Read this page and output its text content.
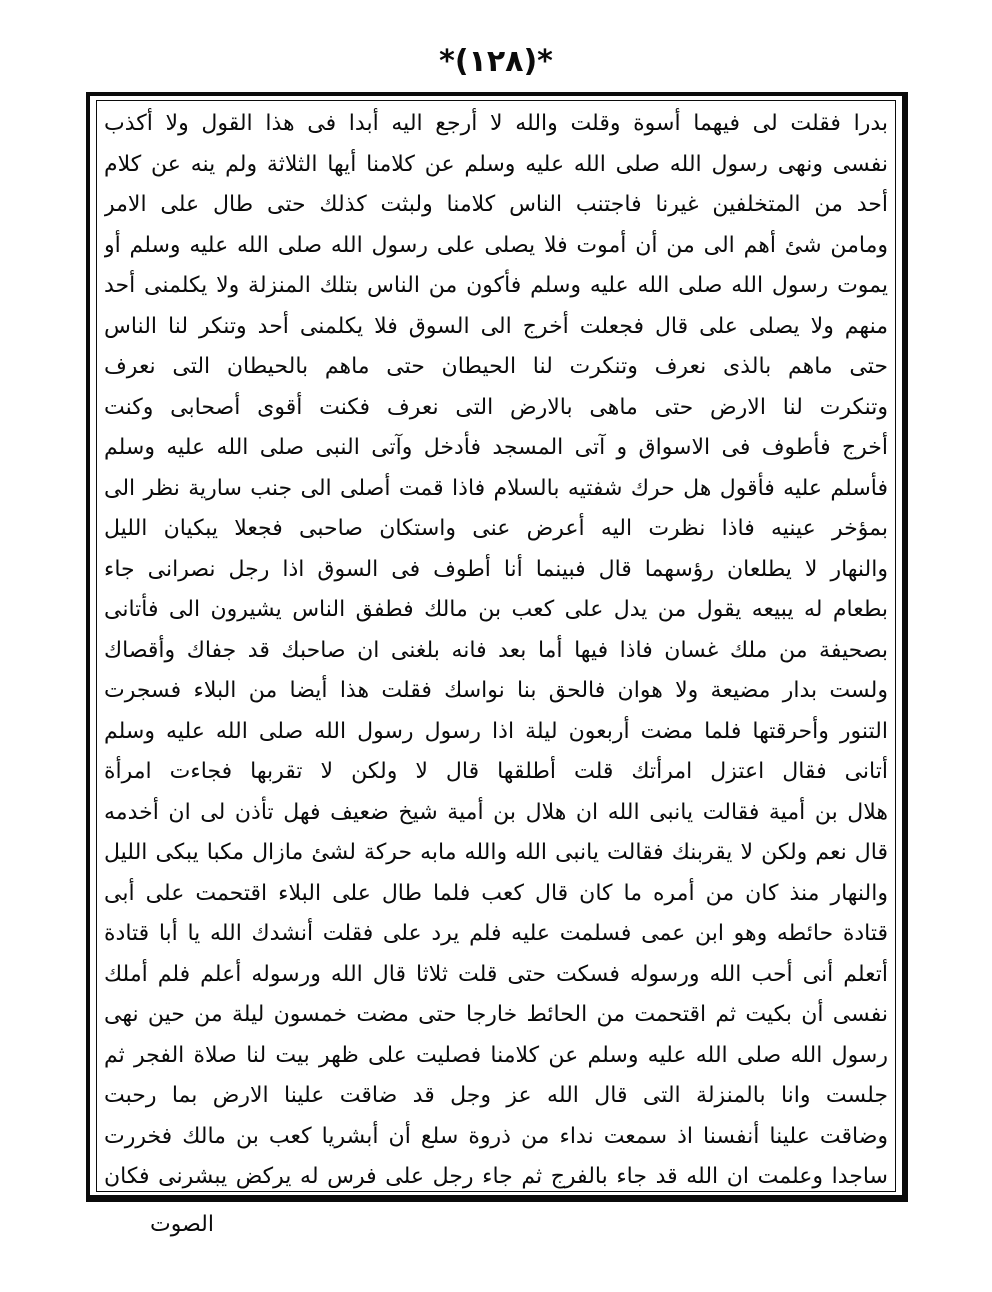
*(١٢٨)*
بدرا فقلت لى فيهما أسوة وقلت والله لا أرجع اليه أبدا فى هذا القول ولا أكذب
نفسى ونهى رسول الله صلى الله عليه وسلم عن كلامنا أيها الثلاثة ولم ينه عن كلام
أحد من المتخلفين غيرنا فاجتنب الناس كلامنا ولبثت كذلك حتى طال على الامر
ومامن شئ أهم الى من أن أموت فلا يصلى على رسول الله صلى الله عليه وسلم أو
يموت رسول الله صلى الله عليه وسلم فأكون من الناس بتلك المنزلة ولا يكلمنى أحد
منهم ولا يصلى على قال فجعلت أخرج الى السوق فلا يكلمنى أحد وتنكر لنا الناس
حتى ماهم بالذى نعرف وتنكرت لنا الحيطان حتى ماهم بالحيطان التى نعرف
وتنكرت لنا الارض حتى ماهى بالارض التى نعرف فكنت أقوى أصحابى وكنت
أخرج فأطوف فى الاسواق و آتى المسجد فأدخل وآتى النبى صلى الله عليه وسلم
فأسلم عليه فأقول هل حرك شفتيه بالسلام فاذا قمت أصلى الى جنب سارية نظر الى
بمؤخر عينيه فاذا نظرت اليه أعرض عنى واستكان صاحبى فجعلا يبكيان الليل
والنهار لا يطلعان رؤسهما قال فبينما أنا أطوف فى السوق اذا رجل نصرانى جاء
بطعام له يبيعه يقول من يدل على كعب بن مالك فطفق الناس يشيرون الى فأتانى
بصحيفة من ملك غسان فاذا فيها أما بعد فانه بلغنى ان صاحبك قد جفاك وأقصاك
ولست بدار مضيعة ولا هوان فالحق بنا نواسك فقلت هذا أيضا من البلاء فسجرت
التنور وأحرقتها فلما مضت أربعون ليلة اذا رسول رسول الله صلى الله عليه وسلم
أتانى فقال اعتزل امرأتك قلت أطلقها قال لا ولكن لا تقربها فجاءت امرأة
هلال بن أمية فقالت يانبى الله ان هلال بن أمية شيخ ضعيف فهل تأذن لى ان أخدمه
قال نعم ولكن لا يقربنك فقالت يانبى الله والله مابه حركة لشئ مازال مكبا يبكى الليل
والنهار منذ كان من أمره ما كان قال كعب فلما طال على البلاء اقتحمت على أبى
قتادة حائطه وهو ابن عمى فسلمت عليه فلم يرد على فقلت أنشدك الله يا أبا قتادة
أتعلم أنى أحب الله ورسوله فسكت حتى قلت ثلاثا قال الله ورسوله أعلم فلم أملك
نفسى أن بكيت ثم اقتحمت من الحائط خارجا حتى مضت خمسون ليلة من حين نهى
رسول الله صلى الله عليه وسلم عن كلامنا فصليت على ظهر بيت لنا صلاة الفجر ثم
جلست وانا بالمنزلة التى قال الله عز وجل قد ضاقت علينا الارض بما رحبت
وضاقت علينا أنفسنا اذ سمعت نداء من ذروة سلع أن أبشريا كعب بن مالك فخررت
ساجدا وعلمت ان الله قد جاء بالفرج ثم جاء رجل على فرس له يركض يبشرنى فكان
الصوت
